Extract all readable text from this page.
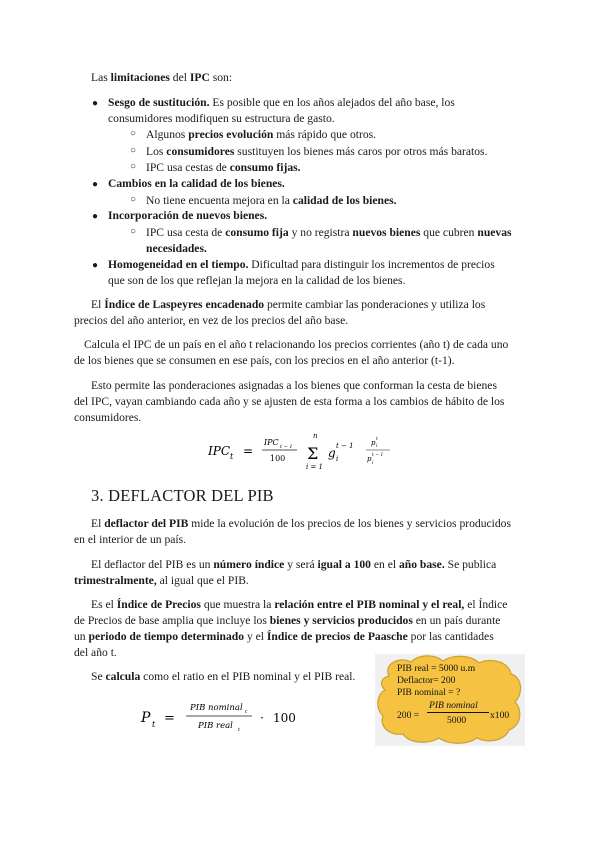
Las limitaciones del IPC son:

● Sesgo de sustitución. Es posible que en los años alejados del año base, los
consumidores modifiquen su estructura de gasto.
○ Algunos precios evolución más rápido que otros.
○ Los consumidores sustituyen los bienes más caros por otros más baratos.
○ IPC usa cestas de consumo fijas.
● Cambios en la calidad de los bienes.
○ No tiene encuenta mejora en la calidad de los bienes.
● Incorporación de nuevos bienes.
○ IPC usa cesta de consumo fija y no registra nuevos bienes que cubren nuevas
necesidades.
● Homogeneidad en el tiempo. Dificultad para distinguir los incrementos de precios
que son de los que reflejan la mejora en la calidad de los bienes.

El Índice de Laspeyres encadenado permite cambiar las ponderaciones y utiliza los

precios del año anterior, en vez de los precios del año base.

Calcula el IPC de un país en el año t relacionando los precios corrientes (año t) de cada uno

de los bienes que se consumen en ese país, con los precios en el año anterior (t-1).

Esto permite las ponderaciones asignadas a los bienes que conforman la cesta de bienes

del IPC, vayan cambiando cada año y se ajusten de esta forma a los cambios de hábito de los

consumidores.

IPC t =
IPC t − 1
100
n
Σ
i = 1
g i
t − 1 p t
i
p t − 1
i
3. DEFLACTOR DEL PIB

El deflactor del PIB mide la evolución de los precios de los bienes y servicios producidos

en el interior de un país.

El deflactor del PIB es un número índice y será igual a 100 en el año base. Se publica

trimestralmente, al igual que el PIB.

Es el Índice de Precios que muestra la relación entre el PIB nominal y el real, el Índice

de Precios de base amplia que incluye los bienes y servicios producidos en un país durante

un periodo de tiempo determinado y el Índice de precios de Paasche por las cantidades

del año t.

Se calcula como el ratio en el PIB nominal y el PIB real.

P t =
PIB nominal t
PIB real t
· 100
PIB real = 5000 u.m
Deflactor= 200
PIB nominal = ?
200 =
PIB nominal
5000 x100
